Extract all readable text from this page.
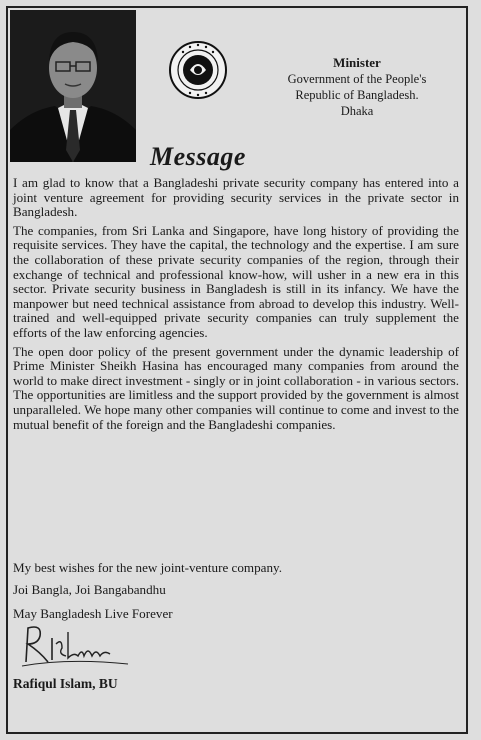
Minister
Government of the People's
Republic of Bangladesh.
Dhaka
Message

I am glad to know that a Bangladeshi private security company has entered into a joint venture agreement for providing security services in the private sector in Bangladesh.

The companies, from Sri Lanka and Singapore, have long history of providing the requisite services. They have the capital, the technology and the expertise. I am sure the collaboration of these private security companies of the region, through their exchange of technical and professional know-how, will usher in a new era in this sector. Private security business in Bangladesh is still in its infancy. We have the manpower but need technical assistance from abroad to develop this industry. Well-trained and well-equipped private security companies can truly supplement the efforts of the law enforcing agencies.

The open door policy of the present government under the dynamic leadership of Prime Minister Sheikh Hasina has encouraged many companies from around the world to make direct investment - singly or in joint collaboration - in various sectors. The opportunities are limitless and the support provided by the government is almost unparalleled. We hope many other companies will continue to come and invest to the mutual benefit of the foreign and the Bangladeshi companies.

My best wishes for the new joint-venture company.
Joi Bangla, Joi Bangabandhu
May Bangladesh Live Forever
Rafiqul Islam, BU
